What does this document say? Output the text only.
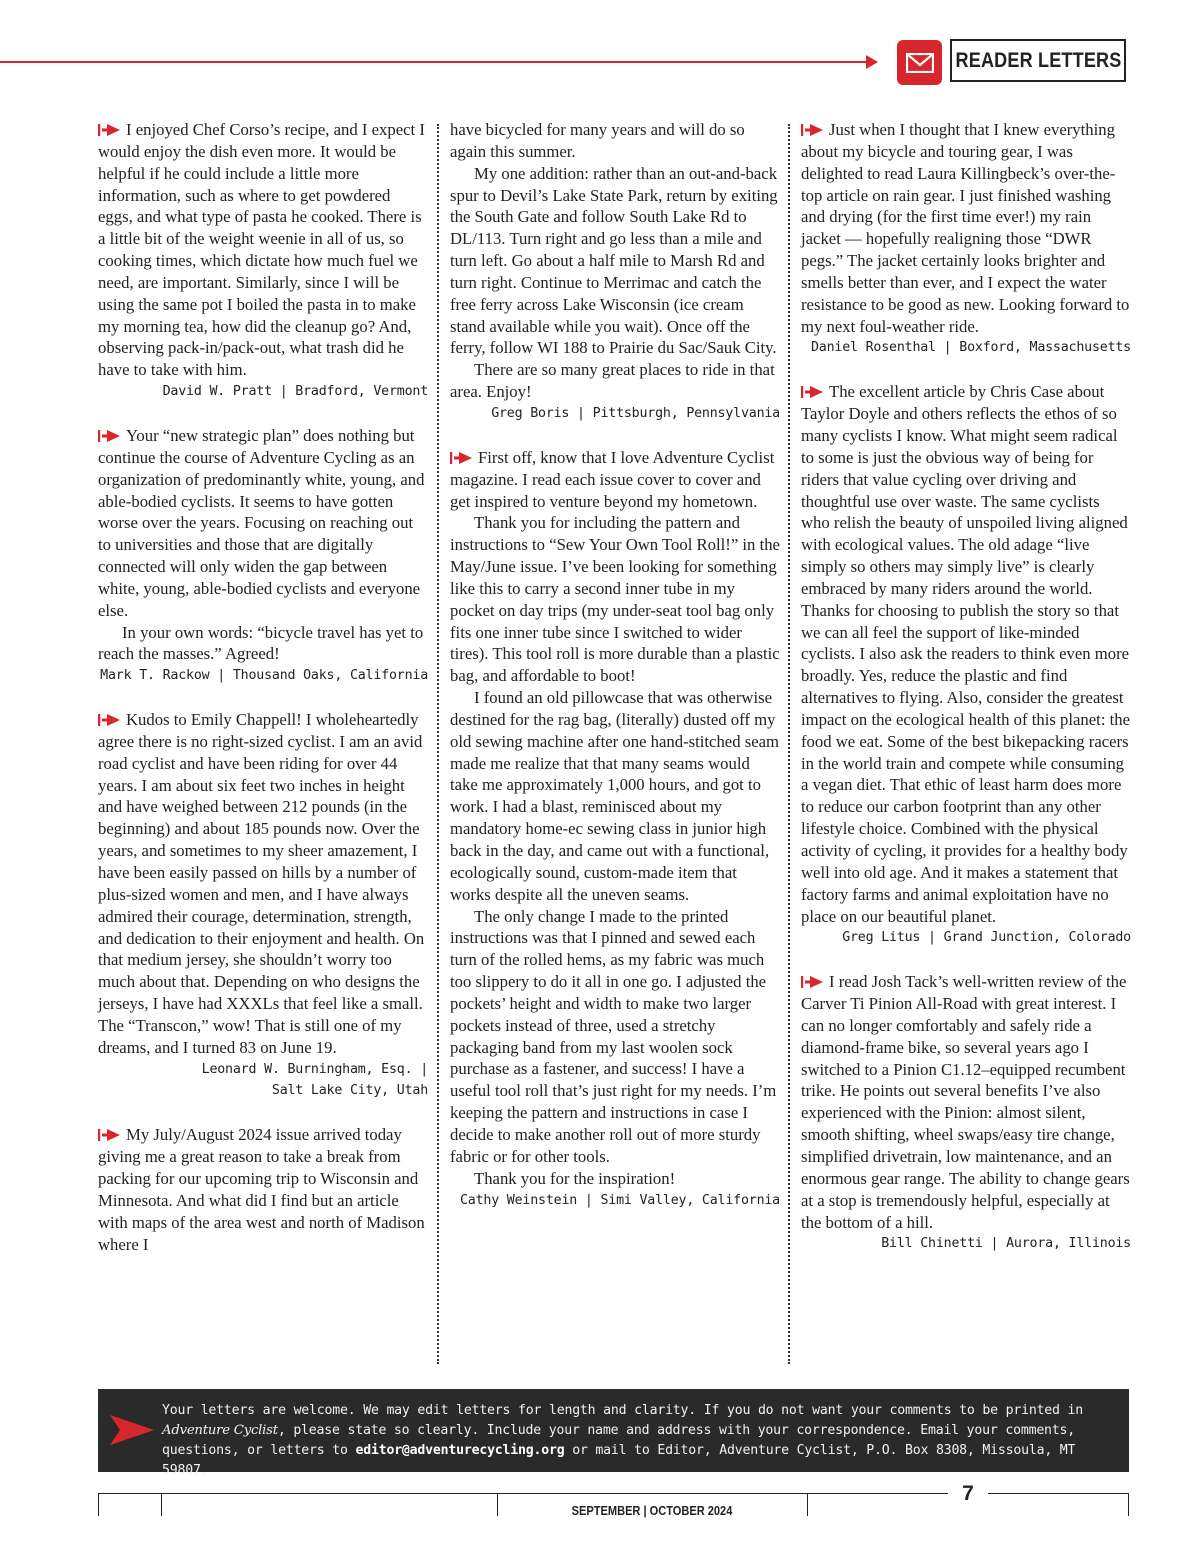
READER LETTERS

I enjoyed Chef Corso’s recipe, and I expect I would enjoy the dish even more. It would be helpful if he could include a little more information, such as where to get powdered eggs, and what type of pasta he cooked. There is a little bit of the weight weenie in all of us, so cooking times, which dictate how much fuel we need, are important. Similarly, since I will be using the same pot I boiled the pasta in to make my morning tea, how did the cleanup go? And, observing pack-in/pack-out, what trash did he have to take with him.

David W. Pratt | Bradford, Vermont

Your “new strategic plan” does nothing but continue the course of Adventure Cycling as an organization of predominantly white, young, and able-bodied cyclists. It seems to have gotten worse over the years. Focusing on reaching out to universities and those that are digitally connected will only widen the gap between white, young, able-bodied cyclists and everyone else.

In your own words: “bicycle travel has yet to reach the masses.” Agreed!

Mark T. Rackow | Thousand Oaks, California

Kudos to Emily Chappell! I wholeheartedly agree there is no right-sized cyclist. I am an avid road cyclist and have been riding for over 44 years. I am about six feet two inches in height and have weighed between 212 pounds (in the beginning) and about 185 pounds now. Over the years, and sometimes to my sheer amazement, I have been easily passed on hills by a number of plus-sized women and men, and I have always admired their courage, determination, strength, and dedication to their enjoyment and health. On that medium jersey, she shouldn’t worry too much about that. Depending on who designs the jerseys, I have had XXXLs that feel like a small. The “Transcon,” wow! That is still one of my dreams, and I turned 83 on June 19.

Leonard W. Burningham, Esq. |
Salt Lake City, Utah

My July/August 2024 issue arrived today giving me a great reason to take a break from packing for our upcoming trip to Wisconsin and Minnesota. And what did I find but an article with maps of the area west and north of Madison where I

have bicycled for many years and will do so again this summer.

My one addition: rather than an out-and-back spur to Devil’s Lake State Park, return by exiting the South Gate and follow South Lake Rd to DL/113. Turn right and go less than a mile and turn left. Go about a half mile to Marsh Rd and turn right. Continue to Merrimac and catch the free ferry across Lake Wisconsin (ice cream stand available while you wait). Once off the ferry, follow WI 188 to Prairie du Sac/Sauk City.

There are so many great places to ride in that area. Enjoy!

Greg Boris | Pittsburgh, Pennsylvania

First off, know that I love Adventure Cyclist magazine. I read each issue cover to cover and get inspired to venture beyond my hometown.

Thank you for including the pattern and instructions to “Sew Your Own Tool Roll!” in the May/June issue. I’ve been looking for something like this to carry a second inner tube in my pocket on day trips (my under-seat tool bag only fits one inner tube since I switched to wider tires). This tool roll is more durable than a plastic bag, and affordable to boot!

I found an old pillowcase that was otherwise destined for the rag bag, (literally) dusted off my old sewing machine after one hand-stitched seam made me realize that that many seams would take me approximately 1,000 hours, and got to work. I had a blast, reminisced about my mandatory home-ec sewing class in junior high back in the day, and came out with a functional, ecologically sound, custom-made item that works despite all the uneven seams.

The only change I made to the printed instructions was that I pinned and sewed each turn of the rolled hems, as my fabric was much too slippery to do it all in one go. I adjusted the pockets’ height and width to make two larger pockets instead of three, used a stretchy packaging band from my last woolen sock purchase as a fastener, and success! I have a useful tool roll that’s just right for my needs. I’m keeping the pattern and instructions in case I decide to make another roll out of more sturdy fabric or for other tools.

Thank you for the inspiration!

Cathy Weinstein | Simi Valley, California

Just when I thought that I knew everything about my bicycle and touring gear, I was delighted to read Laura Killingbeck’s over-the-top article on rain gear. I just finished washing and drying (for the first time ever!) my rain jacket — hopefully realigning those “DWR pegs.” The jacket certainly looks brighter and smells better than ever, and I expect the water resistance to be good as new. Looking forward to my next foul-weather ride.

Daniel Rosenthal | Boxford, Massachusetts

The excellent article by Chris Case about Taylor Doyle and others reflects the ethos of so many cyclists I know. What might seem radical to some is just the obvious way of being for riders that value cycling over driving and thoughtful use over waste. The same cyclists who relish the beauty of unspoiled living aligned with ecological values. The old adage “live simply so others may simply live” is clearly embraced by many riders around the world. Thanks for choosing to publish the story so that we can all feel the support of like-minded cyclists. I also ask the readers to think even more broadly. Yes, reduce the plastic and find alternatives to flying. Also, consider the greatest impact on the ecological health of this planet: the food we eat. Some of the best bikepacking racers in the world train and compete while consuming a vegan diet. That ethic of least harm does more to reduce our carbon footprint than any other lifestyle choice. Combined with the physical activity of cycling, it provides for a healthy body well into old age. And it makes a statement that factory farms and animal exploitation have no place on our beautiful planet.

Greg Litus | Grand Junction, Colorado

I read Josh Tack’s well-written review of the Carver Ti Pinion All-Road with great interest. I can no longer comfortably and safely ride a diamond-frame bike, so several years ago I switched to a Pinion C1.12–equipped recumbent trike. He points out several benefits I’ve also experienced with the Pinion: almost silent, smooth shifting, wheel swaps/easy tire change, simplified drivetrain, low maintenance, and an enormous gear range. The ability to change gears at a stop is tremendously helpful, especially at the bottom of a hill.

Bill Chinetti | Aurora, Illinois
Your letters are welcome. We may edit letters for length and clarity. If you do not want your comments to be printed in Adventure Cyclist, please state so clearly. Include your name and address with your correspondence. Email your comments, questions, or letters to editor@adventurecycling.org or mail to Editor, Adventure Cyclist, P.O. Box 8308, Missoula, MT 59807.
7
SEPTEMBER | OCTOBER 2024
